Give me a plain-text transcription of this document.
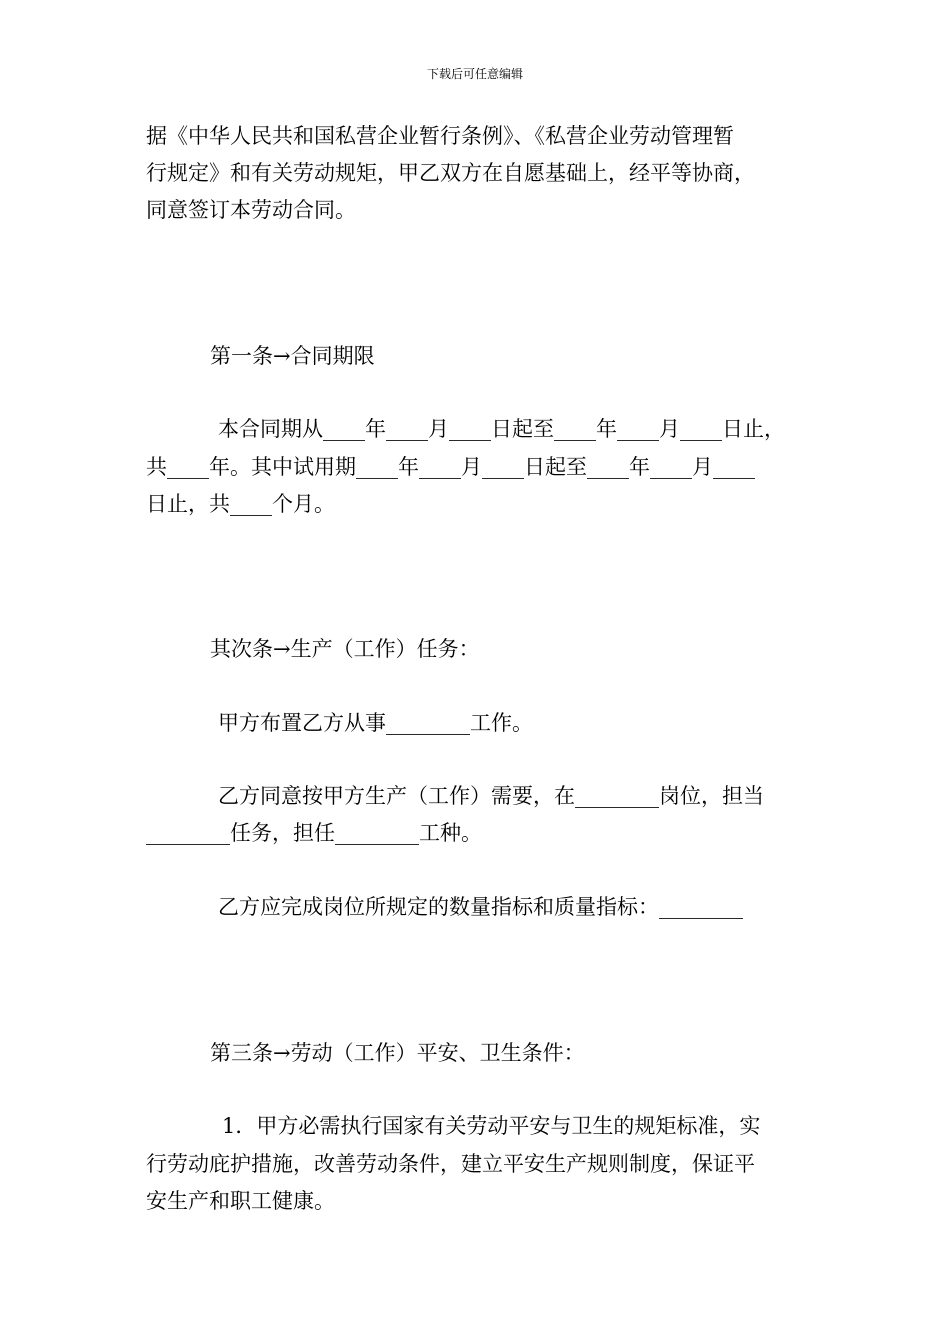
下载后可任意编辑
据《中华人民共和国私营企业暂行条例》、《私营企业劳动管理暂
行规定》和有关劳动规矩，甲乙双方在自愿基础上，经平等协商，
同意签订本劳动合同。
第一条→合同期限
本合同期从____年____月____日起至____年____月____日止，
共____年。其中试用期____年____月____日起至____年____月____
日止，共____个月。
其次条→生产（工作）任务：
甲方布置乙方从事________工作。
乙方同意按甲方生产（工作）需要，在________岗位，担当
________任务，担任________工种。
乙方应完成岗位所规定的数量指标和质量指标：________
第三条→劳动（工作）平安、卫生条件：
1．甲方必需执行国家有关劳动平安与卫生的规矩标准，实
行劳动庇护措施，改善劳动条件，建立平安生产规则制度，保证平
安生产和职工健康。
